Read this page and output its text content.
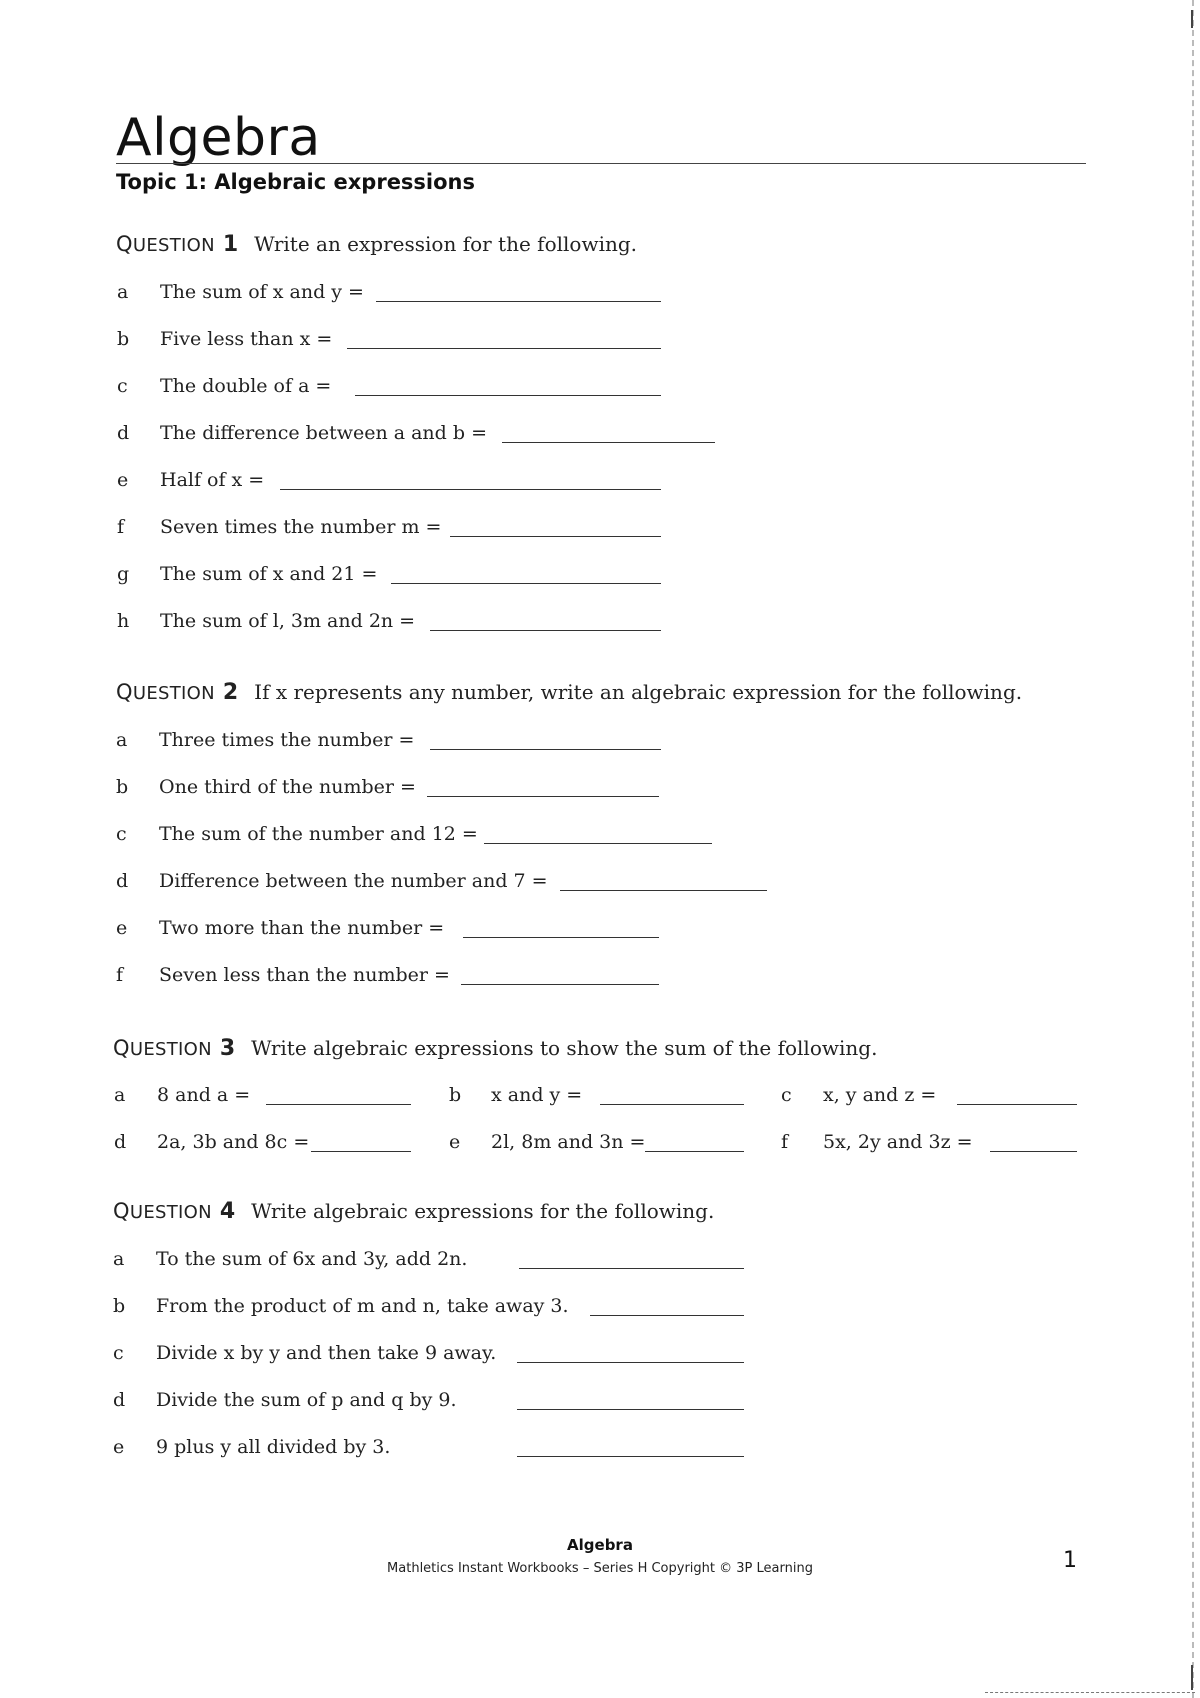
Algebra
Topic 1: Algebraic expressions
QUESTION 1 Write an expression for the following.
a The sum of x and y =
b Five less than x =
c The double of a =
d The difference between a and b =
e Half of x =
f Seven times the number m =
g The sum of x and 21 =
h The sum of l, 3m and 2n =
QUESTION 2 If x represents any number, write an algebraic expression for the following.
a Three times the number =
b One third of the number =
c The sum of the number and 12 =
d Difference between the number and 7 =
e Two more than the number =
f Seven less than the number =
QUESTION 3 Write algebraic expressions to show the sum of the following.
a 8 and a =	b x and y =	c x, y and z =
d 2a, 3b and 8c =	e 2l, 8m and 3n =	f 5x, 2y and 3z =
QUESTION 4 Write algebraic expressions for the following.
a To the sum of 6x and 3y, add 2n.
b From the product of m and n, take away 3.
c Divide x by y and then take 9 away.
d Divide the sum of p and q by 9.
e 9 plus y all divided by 3.
Algebra
Mathletics Instant Workbooks – Series H Copyright © 3P Learning	1
